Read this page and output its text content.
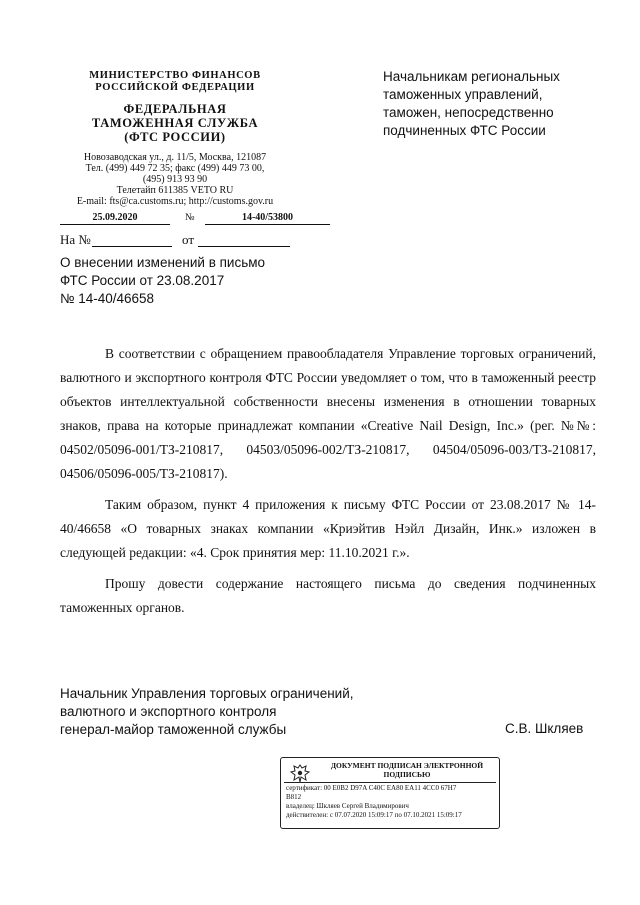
МИНИСТЕРСТВО ФИНАНСОВ
РОССИЙСКОЙ ФЕДЕРАЦИИ
ФЕДЕРАЛЬНАЯ
ТАМОЖЕННАЯ СЛУЖБА
(ФТС РОССИИ)
Новозаводская ул., д. 11/5, Москва, 121087
Тел. (499) 449 72 35; факс (499) 449 73 00,
(495) 913 93 90
Телетайп 611385 VETO RU
E-mail: fts@ca.customs.ru; http://customs.gov.ru
25.09.2020	№	14-40/53800
На №	от
О внесении изменений в письмо
ФТС России от 23.08.2017
№ 14-40/46658
Начальникам региональных
таможенных управлений,
таможен, непосредственно
подчиненных ФТС России

В соответствии с обращением правообладателя Управление торговых ограничений, валютного и экспортного контроля ФТС России уведомляет о том, что в таможенный реестр объектов интеллектуальной собственности внесены изменения в отношении товарных знаков, права на которые принадлежат компании «Creative Nail Design, Inc.» (рег. №№: 04502/05096-001/ТЗ-210817, 04503/05096-002/ТЗ-210817, 04504/05096-003/ТЗ-210817, 04506/05096-005/ТЗ-210817).

Таким образом, пункт 4 приложения к письму ФТС России от 23.08.2017 № 14-40/46658 «О товарных знаках компании «Криэйтив Нэйл Дизайн, Инк.» изложен в следующей редакции: «4. Срок принятия мер: 11.10.2021 г.».

Прошу довести содержание настоящего письма до сведения подчиненных таможенных органов.

Начальник Управления торговых ограничений,
валютного и экспортного контроля
генерал-майор таможенной службы	С.В. Шкляев
ДОКУМЕНТ ПОДПИСАН ЭЛЕКТРОННОЙ
ПОДПИСЬЮ
сертификат: 00 E0B2 D97A C40C EA80 EA11 4CC0 67H7
B812
владелец: Шкляев Сергей Владимирович
действителен: с 07.07.2020 15:09:17 по 07.10.2021 15:09:17
